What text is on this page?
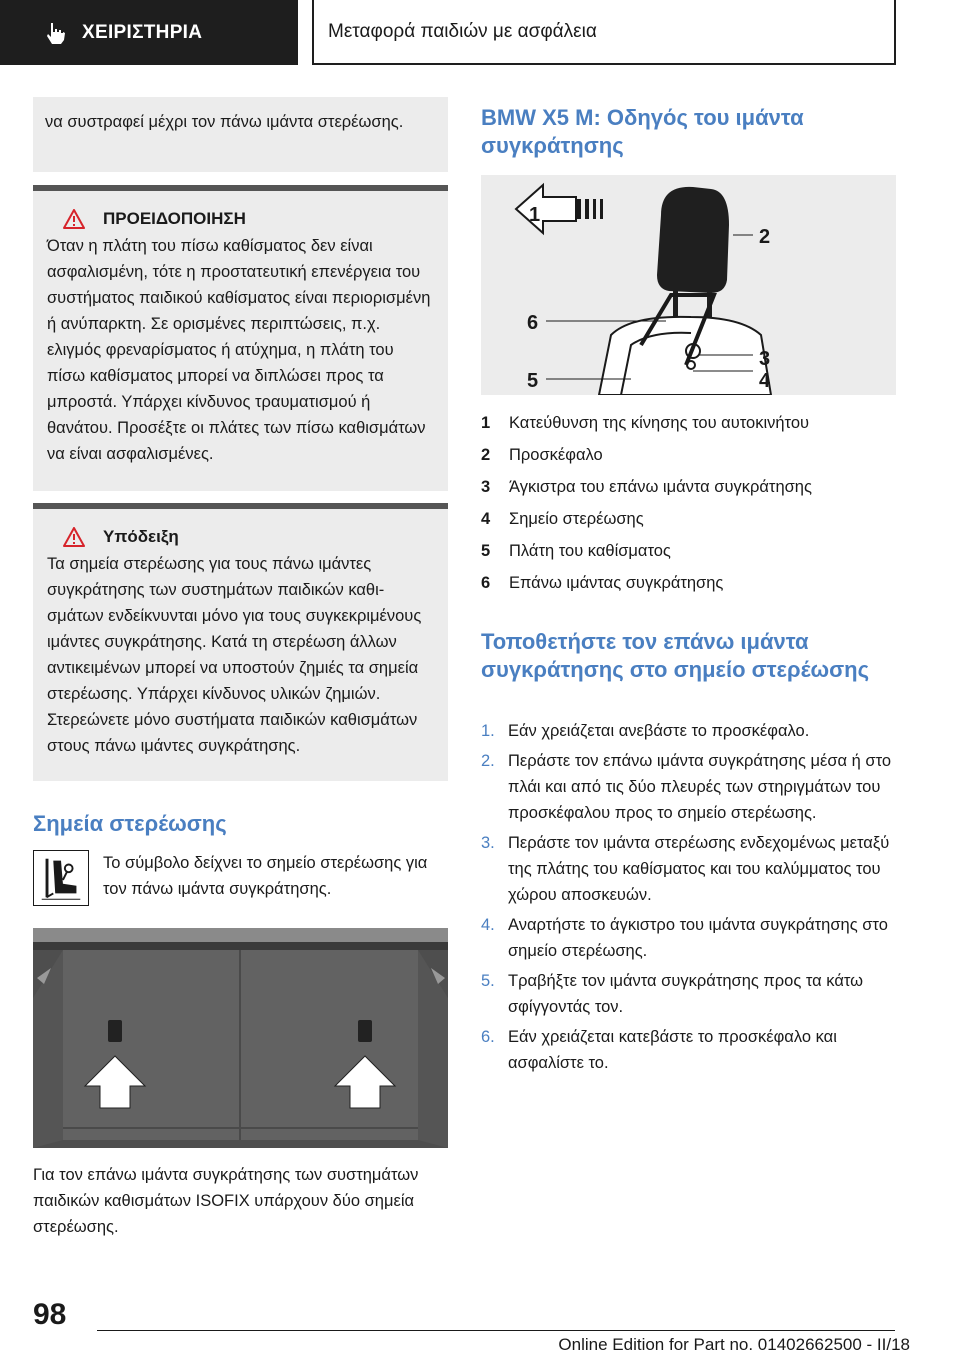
ΧΕΙΡΙΣΤΗΡΙΑ	Μεταφορά παιδιών με ασφάλεια

να συστραφεί μέχρι τον πάνω ιμάντα στερέωσης.

ΠΡΟΕΙΔΟΠΟΙΗΣΗ

Όταν η πλάτη του πίσω καθίσματος δεν είναι ασφαλισμένη, τότε η προστατευτική επενέργεια του συστήματος παιδικού καθίσματος είναι περιορισμένη ή ανύπαρκτη. Σε ορισμένες περιπτώσεις, π.χ. ελιγμός φρεναρίσματος ή ατύχημα, η πλάτη του πίσω καθίσματος μπορεί να διπλώσει προς τα μπροστά. Υπάρχει κίνδυνος τραυματισμού ή θανάτου. Προσέξτε οι πλάτες των πίσω καθισμάτων να είναι ασφαλισμένες.

Υπόδειξη

Τα σημεία στερέωσης για τους πάνω ιμάντες συγκράτησης των συστημάτων παιδικών καθισμάτων ενδείκνυνται μόνο για τους συγκεκριμένους ιμάντες συγκράτησης. Κατά τη στερέωση άλλων αντικειμένων μπορεί να υποστούν ζημιές τα σημεία στερέωσης. Υπάρχει κίνδυνος υλικών ζημιών. Στερεώνετε μόνο συστήματα παιδικών καθισμάτων στους πάνω ιμάντες συγκράτησης.

Σημεία στερέωσης

Το σύμβολο δείχνει το σημείο στερέωσης για τον πάνω ιμάντα συγκράτησης.

Για τον επάνω ιμάντα συγκράτησης των συστημάτων παιδικών καθισμάτων ISOFIX υπάρχουν δύο σημεία στερέωσης.

BMW X5 M: Οδηγός του ιμάντα συγκράτησης
1
2
3
4
5
6
1	Κατεύθυνση της κίνησης του αυτοκινήτου
2	Προσκέφαλο
3	Άγκιστρα του επάνω ιμάντα συγκράτησης
4	Σημείο στερέωσης
5	Πλάτη του καθίσματος
6	Επάνω ιμάντας συγκράτησης
Τοποθετήστε τον επάνω ιμάντα συγκράτησης στο σημείο στερέωσης
1. Εάν χρειάζεται ανεβάστε το προσκέφαλο.
2. Περάστε τον επάνω ιμάντα συγκράτησης μέσα ή στο πλάι και από τις δύο πλευρές των στηριγμάτων του προσκέφαλου προς το σημείο στερέωσης.
3. Περάστε τον ιμάντα στερέωσης ενδεχομένως μεταξύ της πλάτης του καθίσματος και του καλύμματος του χώρου αποσκευών.
4. Αναρτήστε το άγκιστρο του ιμάντα συγκράτησης στο σημείο στερέωσης.
5. Τραβήξτε τον ιμάντα συγκράτησης προς τα κάτω σφίγγοντάς τον.
6. Εάν χρειάζεται κατεβάστε το προσκέφαλο και ασφαλίστε το.
98
Online Edition for Part no. 01402662500 - II/18
